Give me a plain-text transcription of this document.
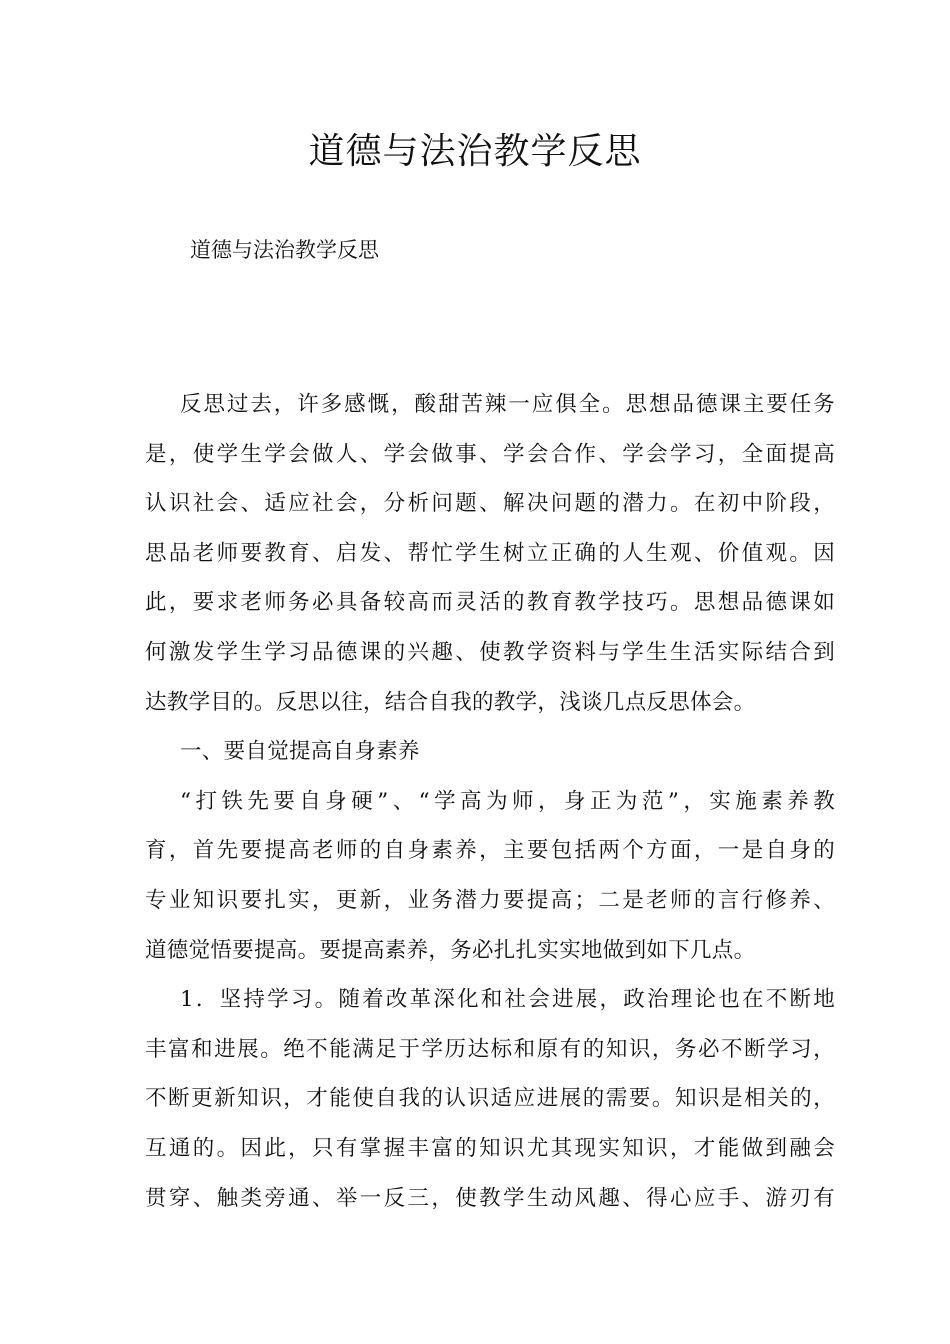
道德与法治教学反思

道德与法治教学反思

反思过去，许多感慨，酸甜苦辣一应俱全。思想品德课主要任务
是，使学生学会做人、学会做事、学会合作、学会学习，全面提高
认识社会、适应社会，分析问题、解决问题的潜力。在初中阶段，
思品老师要教育、启发、帮忙学生树立正确的人生观、价值观。因
此，要求老师务必具备较高而灵活的教育教学技巧。思想品德课如
何激发学生学习品德课的兴趣、使教学资料与学生生活实际结合到
达教学目的。反思以往，结合自我的教学，浅谈几点反思体会。
一、要自觉提高自身素养
“打铁先要自身硬”、“学高为师，身正为范”，实施素养教
育，首先要提高老师的自身素养，主要包括两个方面，一是自身的
专业知识要扎实，更新，业务潜力要提高；二是老师的言行修养、
道德觉悟要提高。要提高素养，务必扎扎实实地做到如下几点。
1．坚持学习。随着改革深化和社会进展，政治理论也在不断地
丰富和进展。绝不能满足于学历达标和原有的知识，务必不断学习，
不断更新知识，才能使自我的认识适应进展的需要。知识是相关的，
互通的。因此，只有掌握丰富的知识尤其现实知识，才能做到融会
贯穿、触类旁通、举一反三，使教学生动风趣、得心应手、游刃有
